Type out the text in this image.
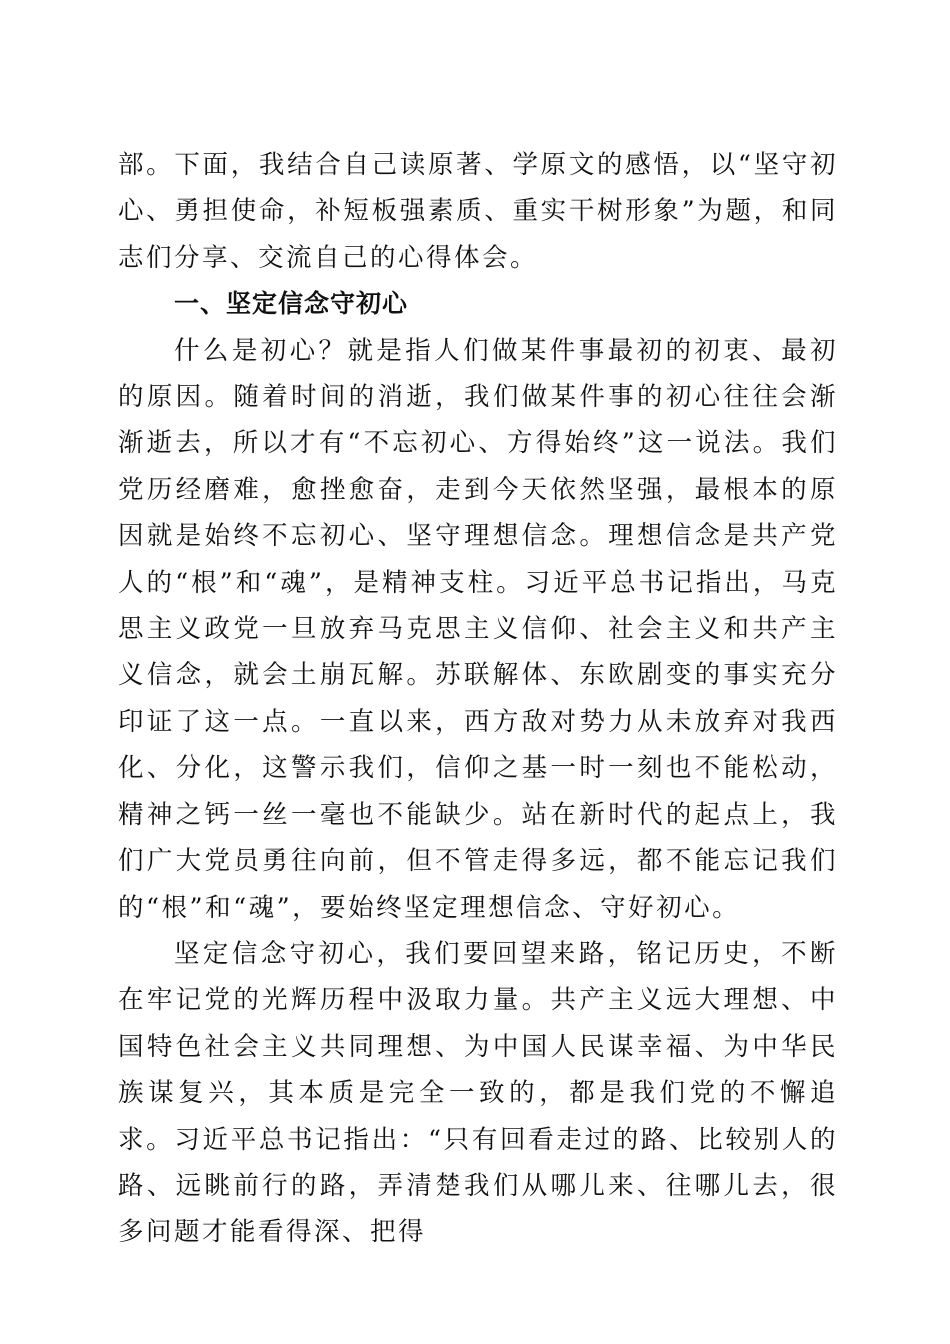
部。下面，我结合自己读原著、学原文的感悟，以“坚守初心、勇担使命，补短板强素质、重实干树形象”为题，和同志们分享、交流自己的心得体会。

一、坚定信念守初心

什么是初心？就是指人们做某件事最初的初衷、最初的原因。随着时间的消逝，我们做某件事的初心往往会渐渐逝去，所以才有“不忘初心、方得始终”这一说法。我们党历经磨难，愈挫愈奋，走到今天依然坚强，最根本的原因就是始终不忘初心、坚守理想信念。理想信念是共产党人的“根”和“魂”，是精神支柱。习近平总书记指出，马克思主义政党一旦放弃马克思主义信仰、社会主义和共产主义信念，就会土崩瓦解。苏联解体、东欧剧变的事实充分印证了这一点。一直以来，西方敌对势力从未放弃对我西化、分化，这警示我们，信仰之基一时一刻也不能松动，精神之钙一丝一毫也不能缺少。站在新时代的起点上，我们广大党员勇往向前，但不管走得多远，都不能忘记我们的“根”和“魂”，要始终坚定理想信念、守好初心。

坚定信念守初心，我们要回望来路，铭记历史，不断在牢记党的光辉历程中汲取力量。共产主义远大理想、中国特色社会主义共同理想、为中国人民谋幸福、为中华民族谋复兴，其本质是完全一致的，都是我们党的不懈追求。习近平总书记指出：“只有回看走过的路、比较别人的路、远眺前行的路，弄清楚我们从哪儿来、往哪儿去，很多问题才能看得深、把得
